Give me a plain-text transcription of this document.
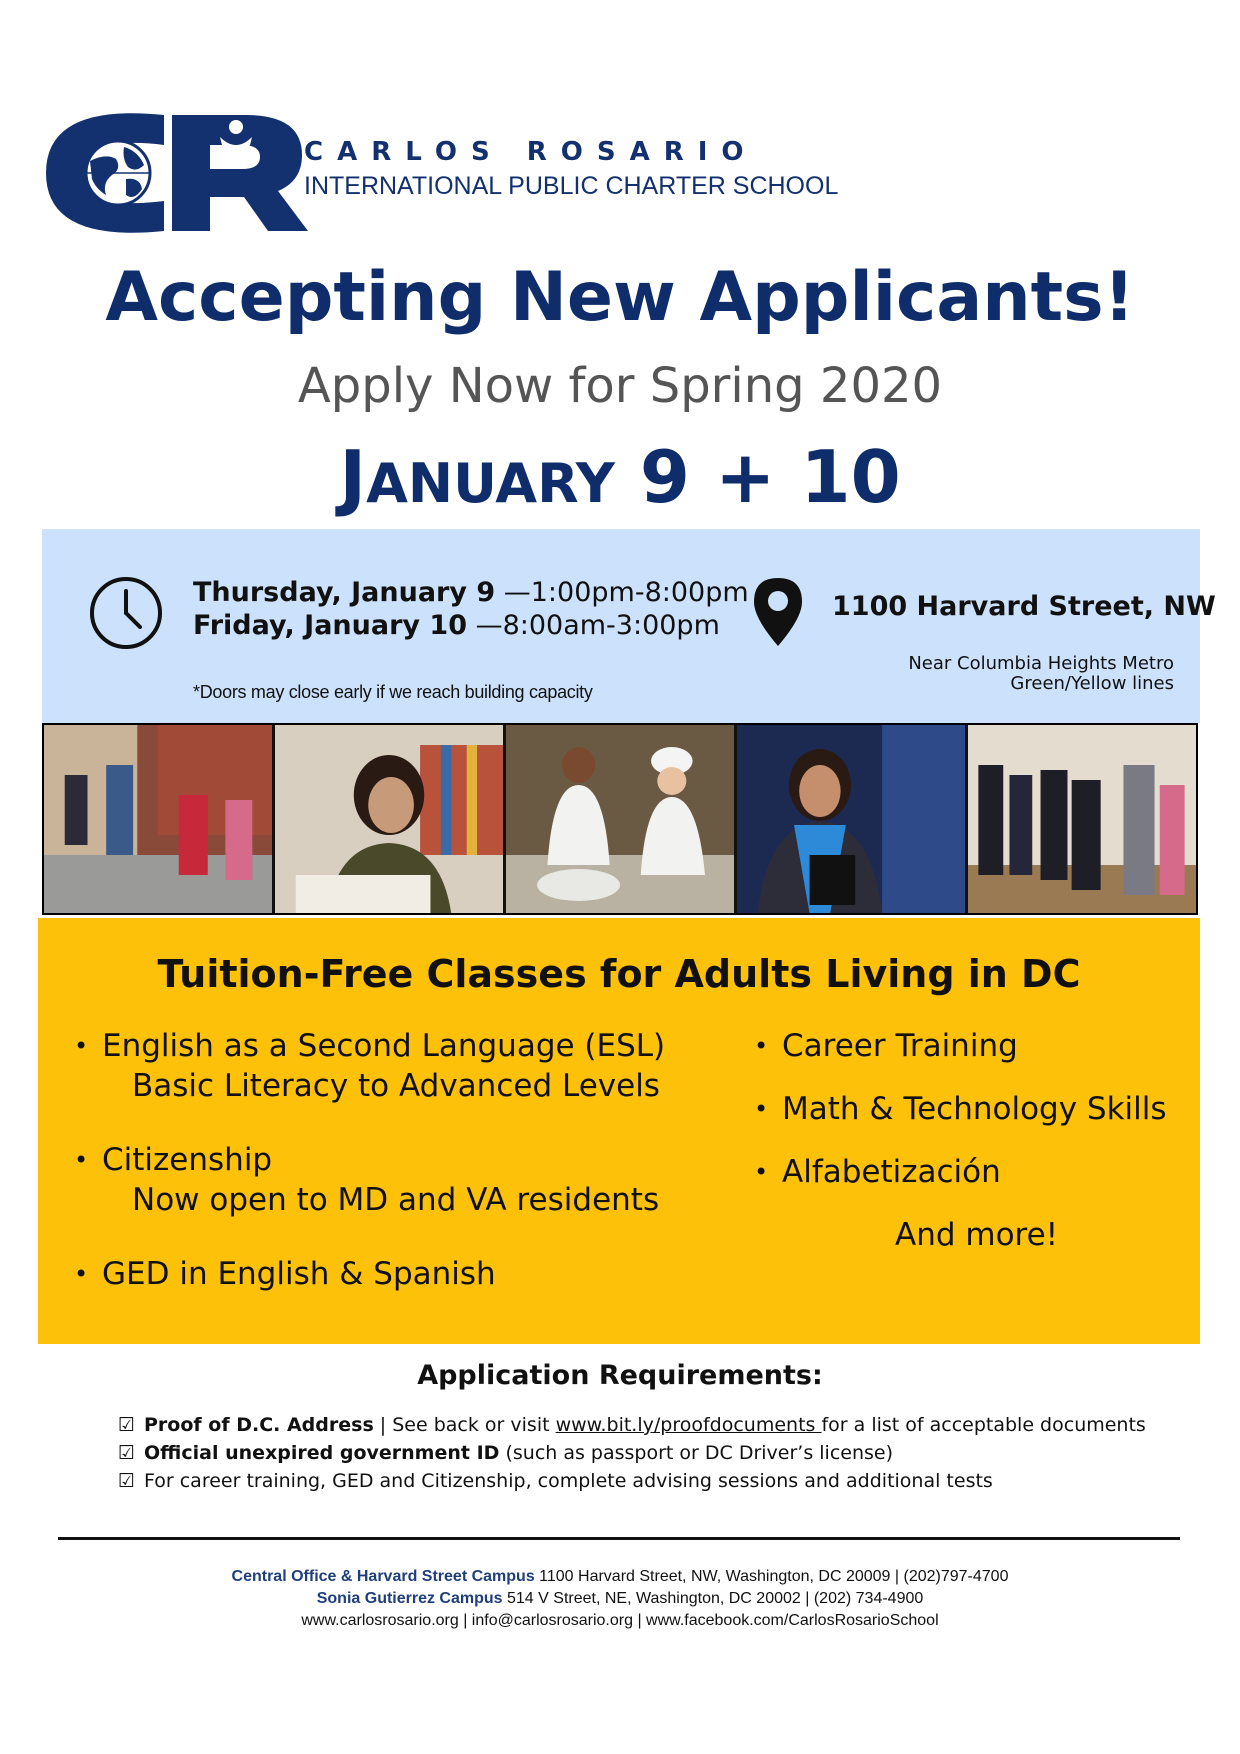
CARLOS ROSARIO
INTERNATIONAL PUBLIC CHARTER SCHOOL
Accepting New Applicants!
Apply Now for Spring 2020
JANUARY 9 + 10
Thursday, January 9 —1:00pm-8:00pm
Friday, January 10 —8:00am-3:00pm
*Doors may close early if we reach building capacity
1100 Harvard Street, NW
Near Columbia Heights Metro
Green/Yellow lines
Tuition-Free Classes for Adults Living in DC
• English as a Second Language (ESL)
Basic Literacy to Advanced Levels
• Citizenship
Now open to MD and VA residents
• GED in English & Spanish
• Career Training
• Math & Technology Skills
• Alfabetización
And more!
Application Requirements:
☑ Proof of D.C. Address | See back or visit www.bit.ly/proofdocuments for a list of acceptable documents
☑ Official unexpired government ID (such as passport or DC Driver’s license)
☑ For career training, GED and Citizenship, complete advising sessions and additional tests
Central Office & Harvard Street Campus 1100 Harvard Street, NW, Washington, DC 20009 | (202)797-4700
Sonia Gutierrez Campus 514 V Street, NE, Washington, DC 20002 | (202) 734-4900
www.carlosrosario.org | info@carlosrosario.org | www.facebook.com/CarlosRosarioSchool
